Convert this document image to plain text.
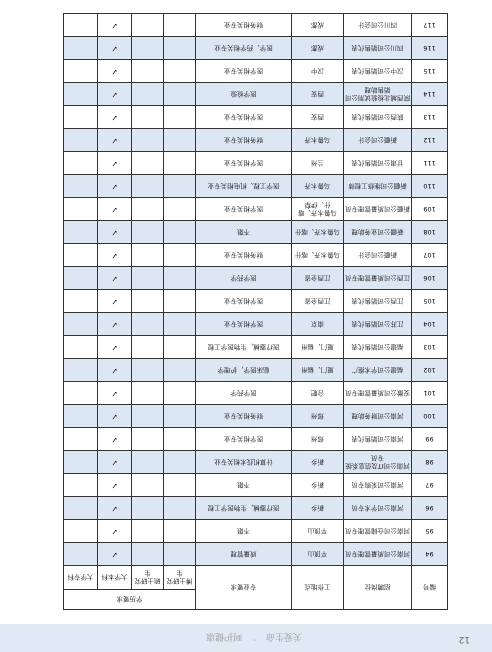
12
关爱生命
·
呵护健康
编号	招聘岗位	工作地点	专业要求	学历要求			
				博士研究生	硕士研究生	大学本科	大学专科
94	河南公司质量管理专员	平顶山	质量管理			✓	
95	河南公司仓储管理专员	平顶山	不限			✓	
96	河南公司学术专员	新乡	医疗器械，生物医学工程			✓	
97	河南公司采购专员	新乡	不限			✓	
98	河南公司IT及信息系统专员	新乡	计算机技术相关专业			✓	
99	河南公司销售代表	郑州	医学相关专业			✓	
100	河南公司财务助理	郑州	财务相关专业			✓	
101	安徽公司质量管理专员	合肥	医学药学			✓	
102	福建公司学术推广	厦门、福州	临床医学，护理学			✓	
103	福建公司销售代表	厦门、福州	医疗器械，生物医学工程			✓	
104	江苏公司销售代表	南京	医学相关专业			✓	
105	江西公司销售代表	江西全省	医学相关专业			✓	
106	江西公司质量管理专员	江西全省	医学药学			✓	
107	新疆公司会计	乌鲁木齐、喀什	财务相关专业			✓	
108	新疆公司业务助理	乌鲁木齐、喀什	不限			✓	
109	新疆公司质量管理专员	乌鲁木齐、喀什、伊犁	医学相关专业			✓	
110	新疆公司维修工程师	乌鲁木齐	医学工程、机电相关专业			✓	
111	甘肃公司销售代表	兰州	医学相关专业			✓	
112	新疆公司会计	乌鲁木齐	财务相关专业			✓	
113	陕西公司销售代表	西安	医学相关专业			✓	
114	陕西城北检验试剂公司销售助理	西安	医学检验			✓	
115	汉中公司销售代表	汉中	医学相关专业			✓	
116	四川公司销售代表	成都	医学、药学相关专业			✓	
117	四川公司会计	成都	财务相关专业			✓	
